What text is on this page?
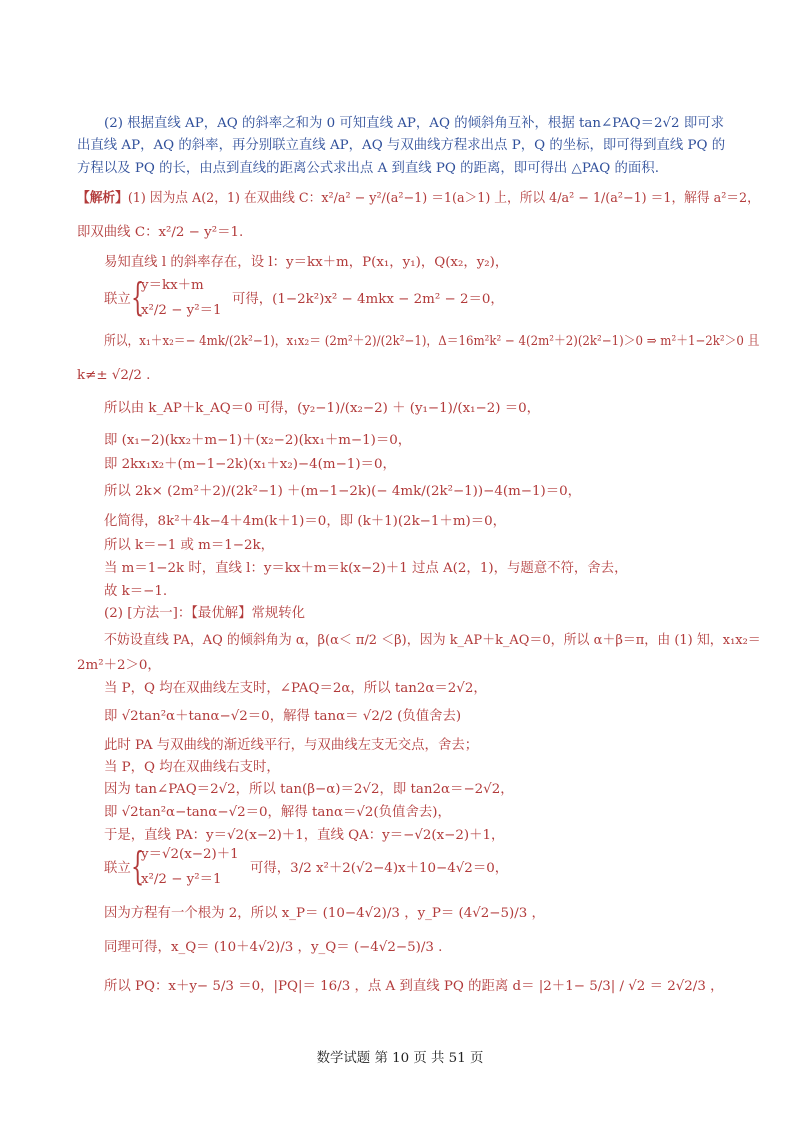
(2) 根据直线 AP，AQ 的斜率之和为 0 可知直线 AP，AQ 的倾斜角互补，根据 tan∠PAQ＝2√2 即可求
出直线 AP，AQ 的斜率，再分别联立直线 AP，AQ 与双曲线方程求出点 P，Q 的坐标，即可得到直线 PQ 的
方程以及 PQ 的长，由点到直线的距离公式求出点 A 到直线 PQ 的距离，即可得出 △PAQ 的面积.
【解析】(1) 因为点 A(2，1) 在双曲线 C：x²/a² − y²/(a²−1) ＝1(a＞1) 上，所以 4/a² − 1/(a²−1) ＝1，解得 a²＝2，
即双曲线 C：x²/2 − y²＝1.
易知直线 l 的斜率存在，设 l：y＝kx＋m，P(x₁，y₁)，Q(x₂，y₂)，
y＝kx＋m
{
联立
x²/2 − y²＝1
可得，(1−2k²)x² − 4mkx − 2m² − 2＝0，
所以，x₁＋x₂＝− 4mk/(2k²−1)，x₁x₂＝ (2m²＋2)/(2k²−1)，Δ＝16m²k² − 4(2m²＋2)(2k²−1)＞0 ⇒ m²＋1−2k²＞0 且
k≠± √2/2 .
所以由 k_AP＋k_AQ＝0 可得，(y₂−1)/(x₂−2) ＋ (y₁−1)/(x₁−2) ＝0，
即 (x₁−2)(kx₂＋m−1)＋(x₂−2)(kx₁＋m−1)＝0，
即 2kx₁x₂＋(m−1−2k)(x₁＋x₂)−4(m−1)＝0，
所以 2k× (2m²＋2)/(2k²−1) ＋(m−1−2k)(− 4mk/(2k²−1))−4(m−1)＝0，
化简得，8k²＋4k−4＋4m(k＋1)＝0，即 (k＋1)(2k−1＋m)＝0，
所以 k＝−1 或 m＝1−2k，
当 m＝1−2k 时，直线 l：y＝kx＋m＝k(x−2)＋1 过点 A(2，1)，与题意不符，舍去，
故 k＝−1.
(2) [方法一]：【最优解】常规转化
不妨设直线 PA，AQ 的倾斜角为 α，β(α＜ π/2 ＜β)，因为 k_AP＋k_AQ＝0，所以 α＋β＝π，由 (1) 知，x₁x₂＝
2m²＋2＞0，
当 P，Q 均在双曲线左支时，∠PAQ＝2α，所以 tan2α＝2√2，
即 √2tan²α＋tanα−√2＝0，解得 tanα＝ √2/2 (负值舍去)
此时 PA 与双曲线的渐近线平行，与双曲线左支无交点，舍去；
当 P，Q 均在双曲线右支时，
因为 tan∠PAQ＝2√2，所以 tan(β−α)＝2√2，即 tan2α＝−2√2，
即 √2tan²α−tanα−√2＝0，解得 tanα＝√2(负值舍去)，
于是，直线 PA：y＝√2(x−2)＋1，直线 QA：y＝−√2(x−2)＋1，
y＝√2(x−2)＋1
{
联立
x²/2 − y²＝1
可得，3/2 x²＋2(√2−4)x＋10−4√2＝0，
因为方程有一个根为 2，所以 x_P＝ (10−4√2)/3 ，y_P＝ (4√2−5)/3 ，
同理可得，x_Q＝ (10＋4√2)/3 ，y_Q＝ (−4√2−5)/3 .
所以 PQ：x＋y− 5/3 ＝0，|PQ|＝ 16/3 ，点 A 到直线 PQ 的距离 d＝ |2＋1− 5/3| / √2 ＝ 2√2/3 ，
数学试题 第 10 页 共 51 页
